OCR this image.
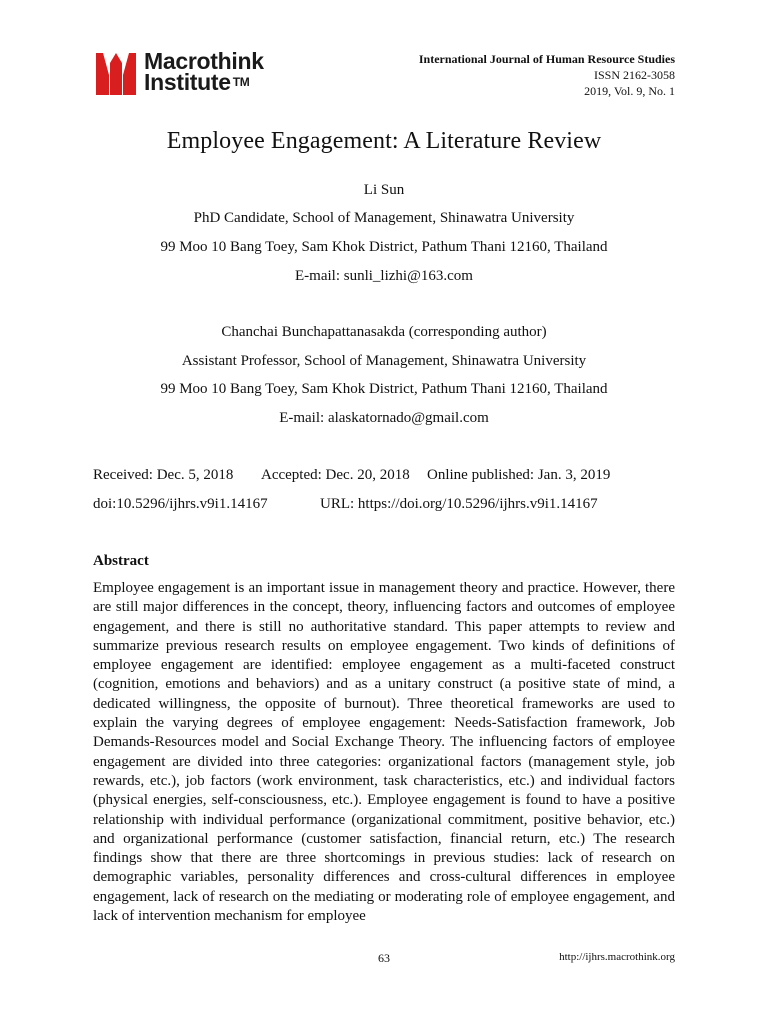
Macrothink
Institute ™
International Journal of Human Resource Studies
ISSN 2162-3058
2019, Vol. 9, No. 1
Employee Engagement: A Literature Review
Li Sun
PhD Candidate, School of Management, Shinawatra University
99 Moo 10 Bang Toey, Sam Khok District, Pathum Thani 12160, Thailand
E-mail: sunli_lizhi@163.com
Chanchai Bunchapattanasakda (corresponding author)
Assistant Professor, School of Management, Shinawatra University
99 Moo 10 Bang Toey, Sam Khok District, Pathum Thani 12160, Thailand
E-mail: alaskatornado@gmail.com
Received: Dec. 5, 2018 Accepted: Dec. 20, 2018 Online published: Jan. 3, 2019
doi:10.5296/ijhrs.v9i1.14167	URL: https://doi.org/10.5296/ijhrs.v9i1.14167
Abstract

Employee engagement is an important issue in management theory and practice. However, there are still major differences in the concept, theory, influencing factors and outcomes of employee engagement, and there is still no authoritative standard. This paper attempts to review and summarize previous research results on employee engagement. Two kinds of definitions of employee engagement are identified: employee engagement as a multi-faceted construct (cognition, emotions and behaviors) and as a unitary construct (a positive state of mind, a dedicated willingness, the opposite of burnout). Three theoretical frameworks are used to explain the varying degrees of employee engagement: Needs-Satisfaction framework, Job Demands-Resources model and Social Exchange Theory. The influencing factors of employee engagement are divided into three categories: organizational factors (management style, job rewards, etc.), job factors (work environment, task characteristics, etc.) and individual factors (physical energies, self-consciousness, etc.). Employee engagement is found to have a positive relationship with individual performance (organizational commitment, positive behavior, etc.) and organizational performance (customer satisfaction, financial return, etc.) The research findings show that there are three shortcomings in previous studies: lack of research on demographic variables, personality differences and cross-cultural differences in employee engagement, lack of research on the mediating or moderating role of employee engagement, and lack of intervention mechanism for employee

63	http://ijhrs.macrothink.org
